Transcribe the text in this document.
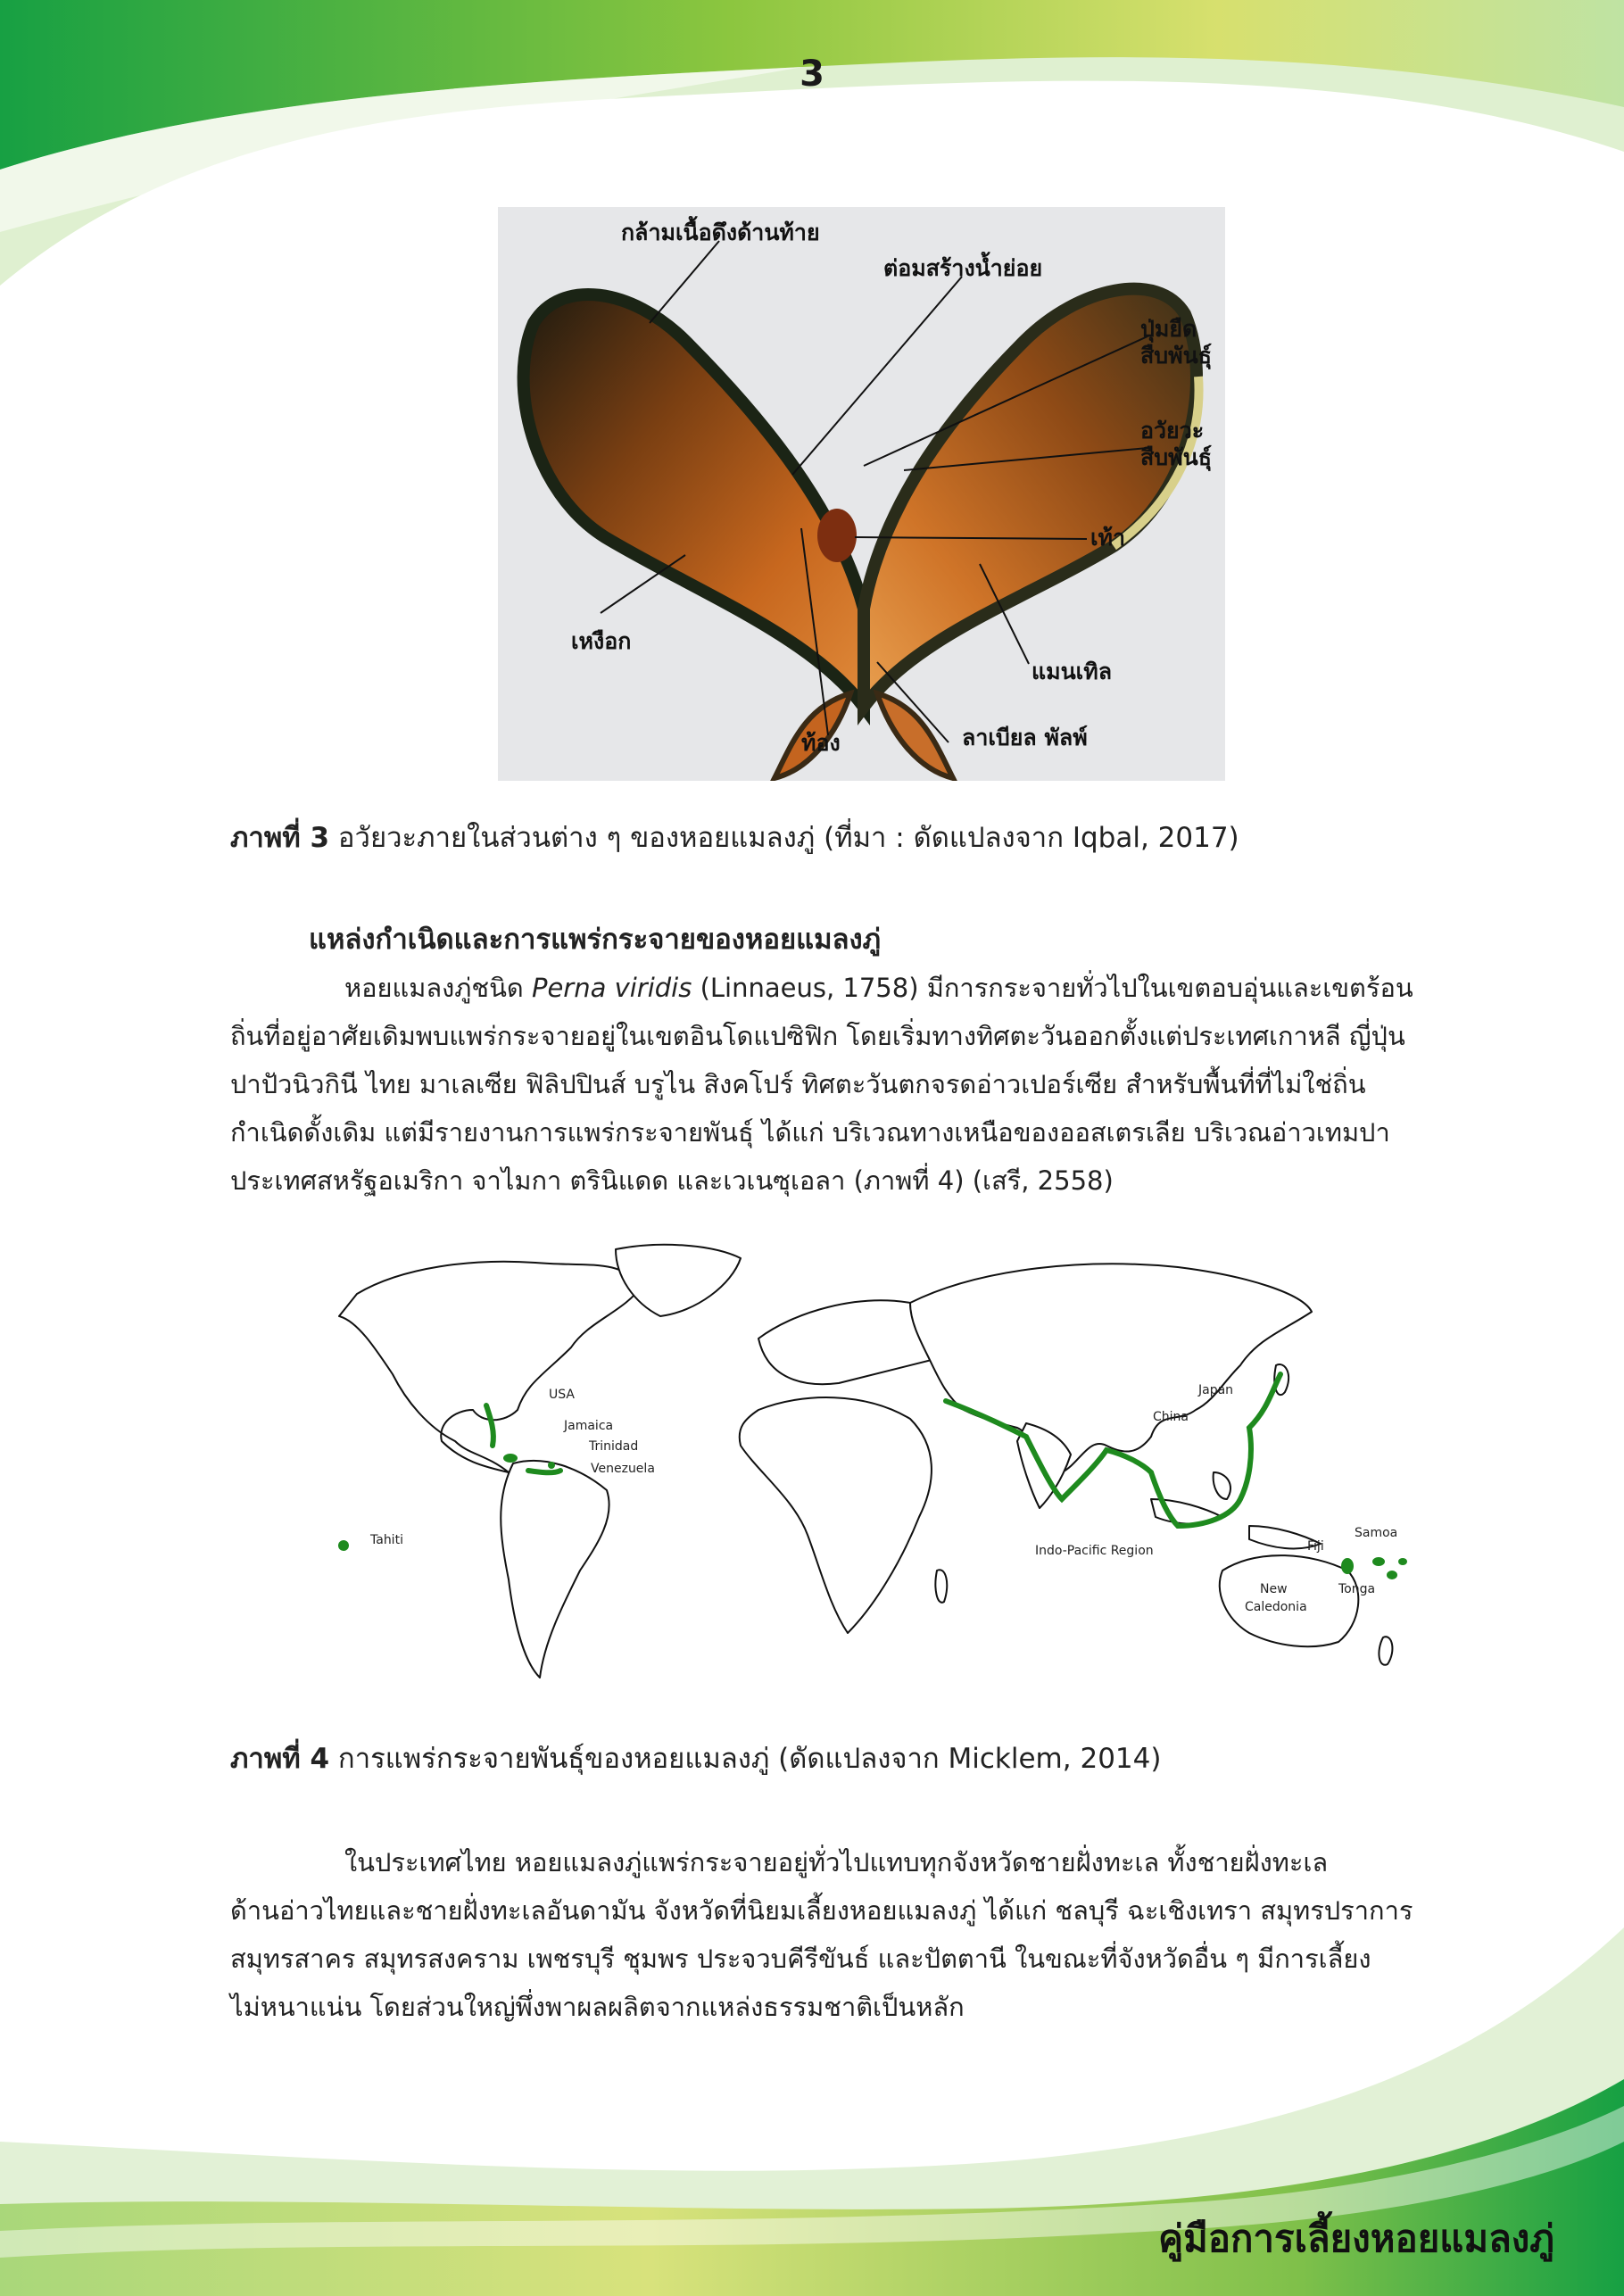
3
กล้ามเนื้อดึงด้านท้าย
ต่อมสร้างน้ำย่อย
ปุ่มยืด
สืบพันธุ์
อวัยวะ
สืบพันธุ์
เท้า
เหงือก
แมนเทิล
ท้อง	ลาเบียล พัลพ์
ภาพที่ 3 อวัยวะภายในส่วนต่าง ๆ ของหอยแมลงภู่ (ที่มา : ดัดแปลงจาก Iqbal, 2017)
แหล่งกำเนิดและการแพร่กระจายของหอยแมลงภู่
หอยแมลงภู่ชนิด Perna viridis (Linnaeus, 1758) มีการกระจายทั่วไปในเขตอบอุ่นและเขตร้อน
ถิ่นที่อยู่อาศัยเดิมพบแพร่กระจายอยู่ในเขตอินโดแปซิฟิก โดยเริ่มทางทิศตะวันออกตั้งแต่ประเทศเกาหลี ญี่ปุ่น
ปาปัวนิวกินี ไทย มาเลเซีย ฟิลิปปินส์ บรูไน สิงคโปร์ ทิศตะวันตกจรดอ่าวเปอร์เซีย สำหรับพื้นที่ที่ไม่ใช่ถิ่น
กำเนิดดั้งเดิม แต่มีรายงานการแพร่กระจายพันธุ์ ได้แก่ บริเวณทางเหนือของออสเตรเลีย บริเวณอ่าวเทมปา
ประเทศสหรัฐอเมริกา จาไมกา ตรินิแดด และเวเนซุเอลา (ภาพที่ 4) (เสรี, 2558)
USA
Jamaica
Trinidad
Venezuela
Tahiti
Japan
China
Indo-Pacific Region	Fiji
Samoa
Tonga
New
Caledonia
ภาพที่ 4 การแพร่กระจายพันธุ์ของหอยแมลงภู่ (ดัดแปลงจาก Micklem, 2014)
ในประเทศไทย หอยแมลงภู่แพร่กระจายอยู่ทั่วไปแทบทุกจังหวัดชายฝั่งทะเล ทั้งชายฝั่งทะเล
ด้านอ่าวไทยและชายฝั่งทะเลอันดามัน จังหวัดที่นิยมเลี้ยงหอยแมลงภู่ ได้แก่ ชลบุรี ฉะเชิงเทรา สมุทรปราการ
สมุทรสาคร สมุทรสงคราม เพชรบุรี ชุมพร ประจวบคีรีขันธ์ และปัตตานี ในขณะที่จังหวัดอื่น ๆ มีการเลี้ยง
ไม่หนาแน่น โดยส่วนใหญ่พึ่งพาผลผลิตจากแหล่งธรรมชาติเป็นหลัก
คู่มือการเลี้ยงหอยแมลงภู่
